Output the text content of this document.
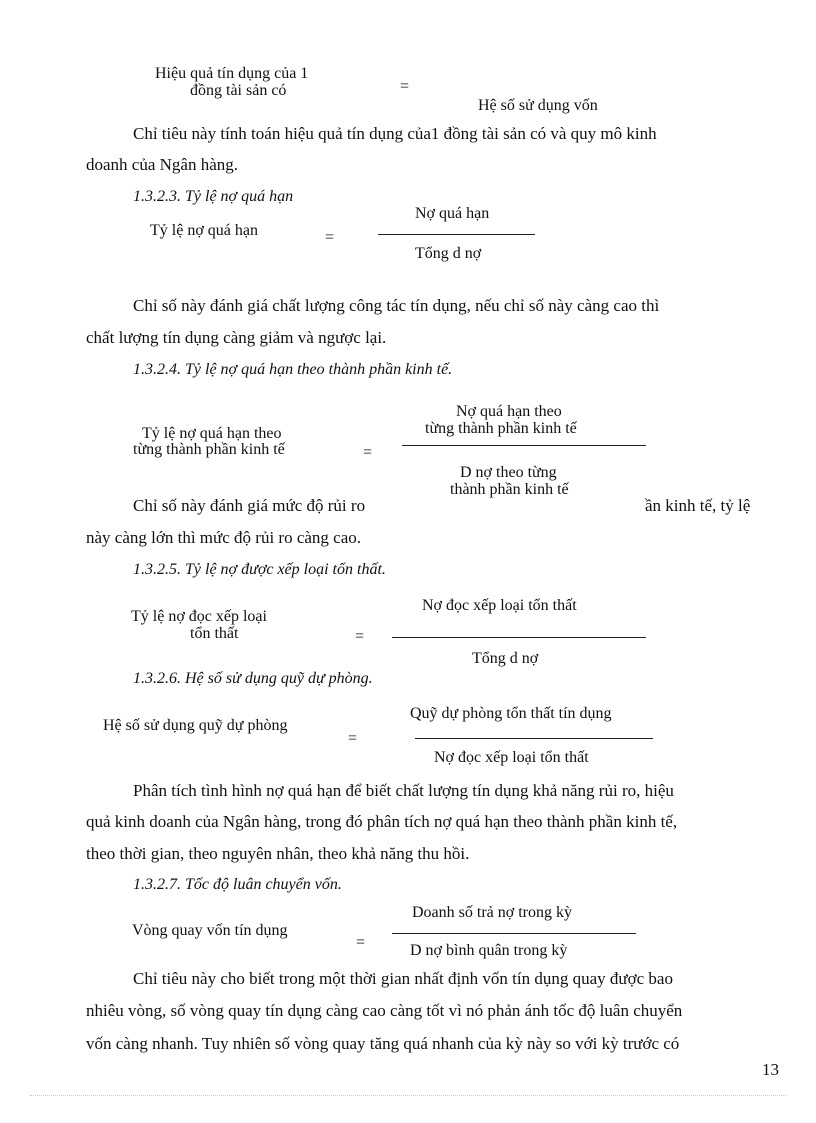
Hiệu quả tín dụng của 1
đồng tài sản có	=
Hệ số sử dụng vốn
Chỉ tiêu này tính toán hiệu quả tín dụng của1 đồng tài sản có và quy mô kinh
doanh của Ngân hàng.
1.3.2.3. Tỷ lệ nợ quá hạn
Tỷ lệ nợ quá hạn	=
Nợ quá hạn
Tổng d nợ
Chỉ số này đánh giá chất lượng công tác tín dụng, nếu chỉ số này càng cao thì
chất lượng tín dụng càng giảm và ngược lại.
1.3.2.4. Tỷ lệ nợ quá hạn theo thành phần kinh tế.
Tỷ lệ nợ quá hạn theo
từng thành phần kinh tế	=
Nợ quá hạn theo
từng thành phần kinh tế
D nợ theo từng
thành phần kinh tế
Chỉ số này đánh giá mức độ rủi ro	ần kinh tế, tỷ lệ
này càng lớn thì mức độ rủi ro càng cao.
1.3.2.5. Tỷ lệ nợ được xếp loại tổn thất.
Tỷ lệ nợ đọc xếp loại
tổn thất	=
Nợ đọc xếp loại tổn thất
Tổng d nợ
1.3.2.6. Hệ số sử dụng quỹ dự phòng.
Hệ số sử dụng quỹ dự phòng
=
Quỹ dự phòng tổn thất tín dụng
Nợ đọc xếp loại tổn thất
Phân tích tình hình nợ quá hạn để biết chất lượng tín dụng khả năng rủi ro, hiệu
quả kinh doanh của Ngân hàng, trong đó phân tích nợ quá hạn theo thành phần kinh tế,
theo thời gian, theo nguyên nhân, theo khả năng thu hồi.
1.3.2.7. Tốc độ luân chuyển vốn.
Vòng quay vốn tín dụng
=
Doanh số trả nợ trong kỳ
D nợ bình quân trong kỳ
Chỉ tiêu này cho biết trong một thời gian nhất định vốn tín dụng quay được bao
nhiêu vòng, số vòng quay tín dụng càng cao càng tốt vì nó phản ánh tốc độ luân chuyển
vốn càng nhanh. Tuy nhiên số vòng quay tăng quá nhanh của kỳ này so với kỳ trước có
13
